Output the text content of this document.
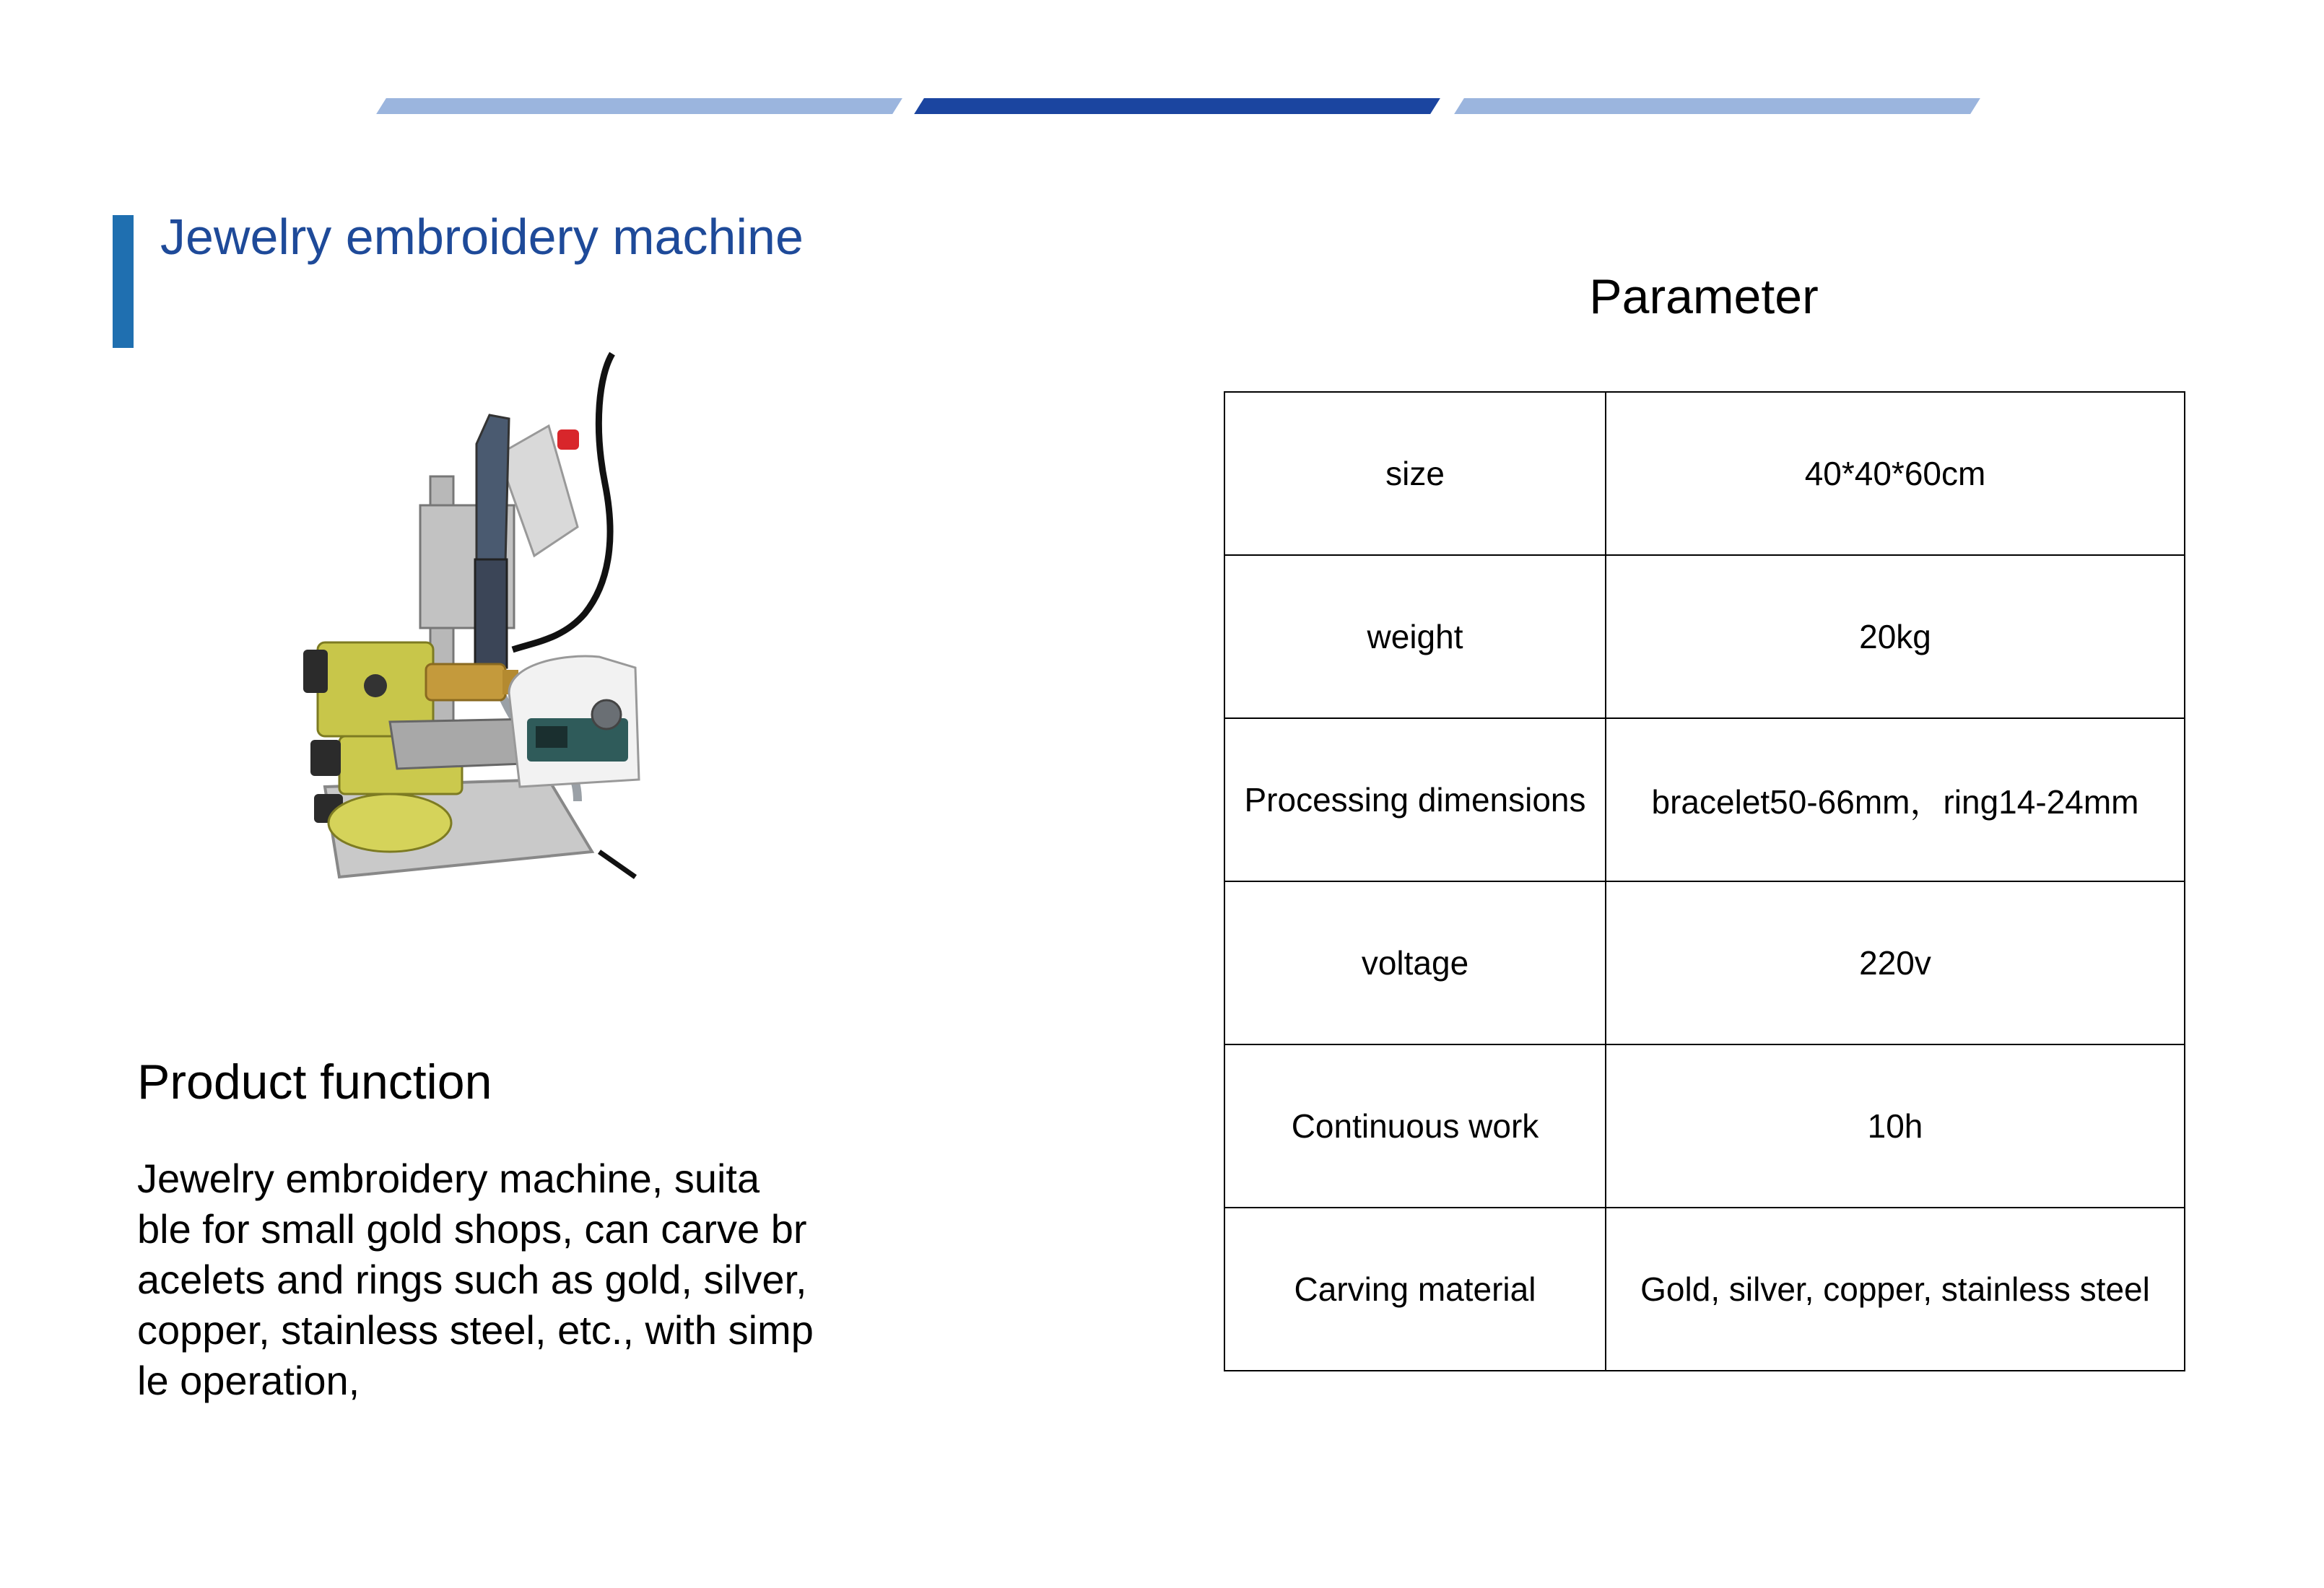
Jewelry embroidery machine
Product function
Jewelry embroidery machine, suita
ble for small gold shops, can carve br
acelets and rings such as gold, silver,
copper, stainless steel, etc., with simp
le operation,
Parameter
size	40*40*60cm
weight	20kg
Processing dimensions	bracelet50-66mm，ring14-24mm
voltage	220v
Continuous work	10h
Carving material	Gold, silver, copper, stainless steel
